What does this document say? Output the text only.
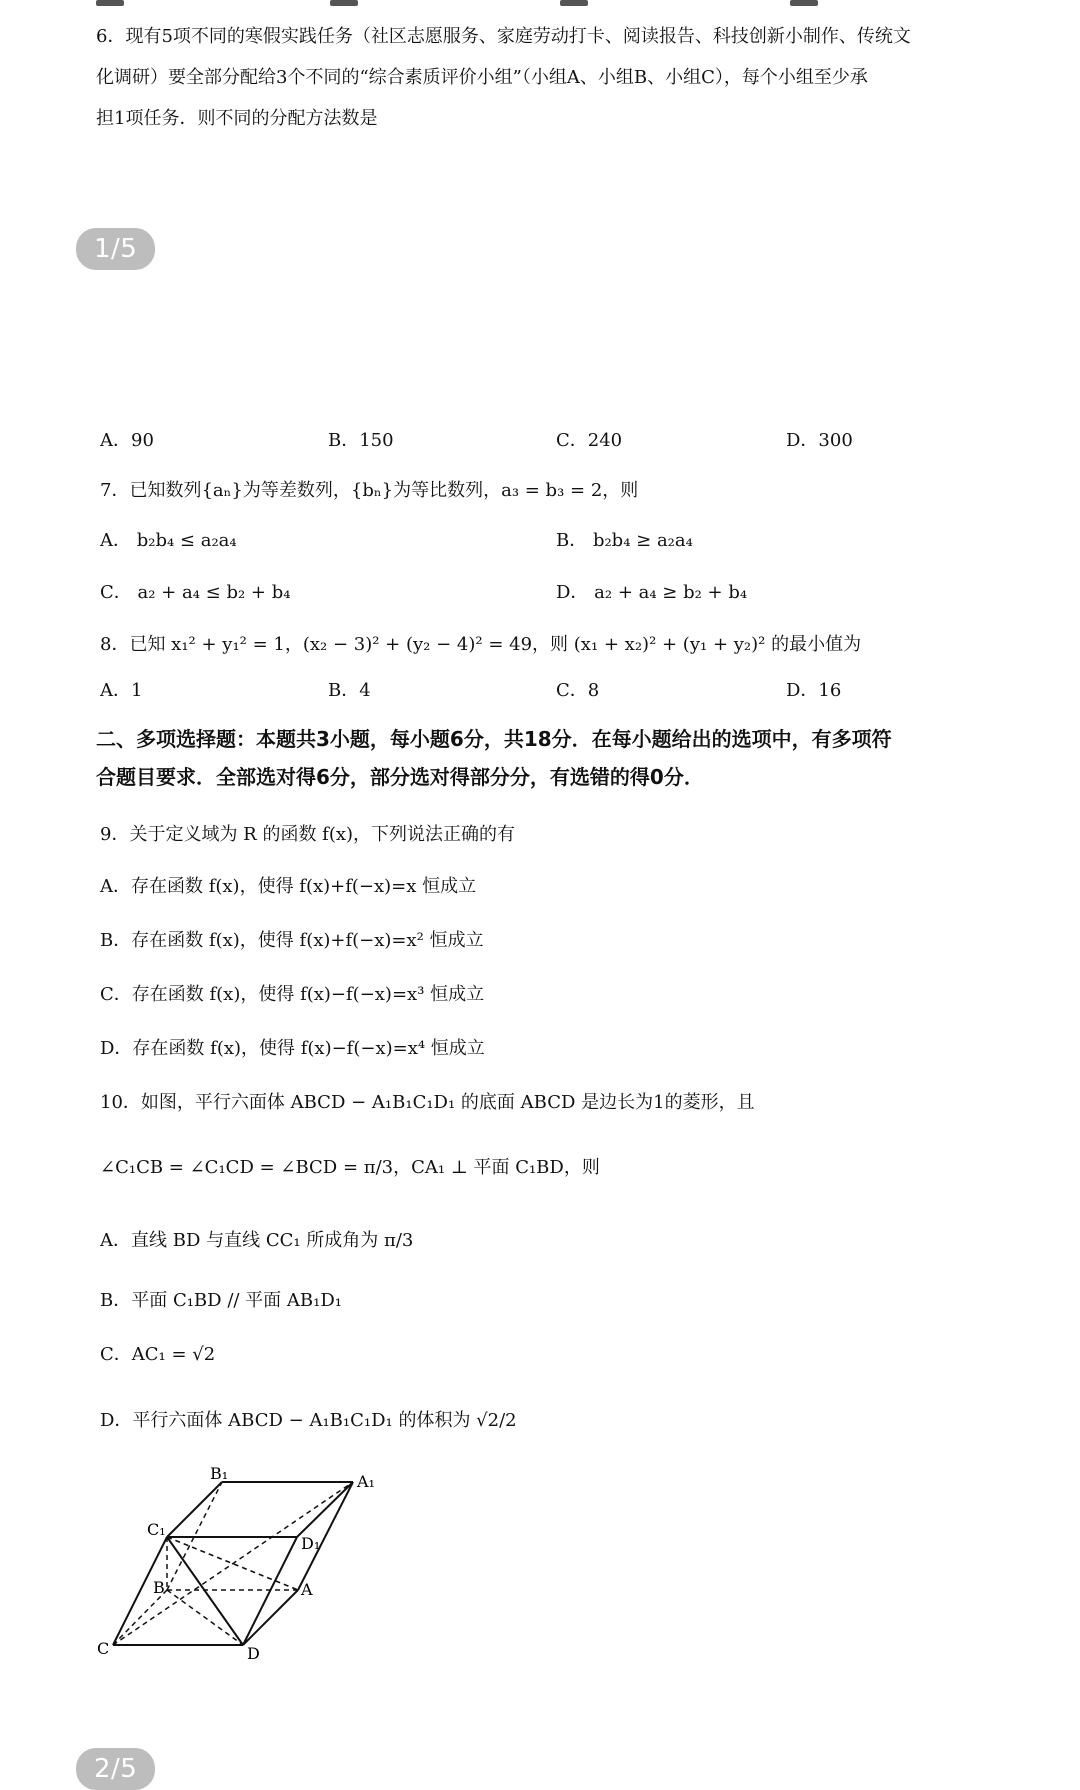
6．现有5项不同的寒假实践任务（社区志愿服务、家庭劳动打卡、阅读报告、科技创新小制作、传统文
化调研）要全部分配给3个不同的“综合素质评价小组”（小组A、小组B、小组C），每个小组至少承
担1项任务．则不同的分配方法数是
1/5
A．90	B．150	C．240	D．300
7．已知数列{aₙ}为等差数列，{bₙ}为等比数列，a₃ = b₃ = 2，则
A． b₂b₄ ≤ a₂a₄	B． b₂b₄ ≥ a₂a₄
C． a₂ + a₄ ≤ b₂ + b₄	D． a₂ + a₄ ≥ b₂ + b₄
8．已知 x₁² + y₁² = 1，(x₂ − 3)² + (y₂ − 4)² = 49，则 (x₁ + x₂)² + (y₁ + y₂)² 的最小值为
A．1	B．4	C．8	D．16
二、多项选择题：本题共3小题，每小题6分，共18分．在每小题给出的选项中，有多项符
合题目要求．全部选对得6分，部分选对得部分分，有选错的得0分．
9．关于定义域为 R 的函数 f(x)，下列说法正确的有
A．存在函数 f(x)，使得 f(x)+f(−x)=x 恒成立
B．存在函数 f(x)，使得 f(x)+f(−x)=x² 恒成立
C．存在函数 f(x)，使得 f(x)−f(−x)=x³ 恒成立
D．存在函数 f(x)，使得 f(x)−f(−x)=x⁴ 恒成立
10．如图，平行六面体 ABCD − A₁B₁C₁D₁ 的底面 ABCD 是边长为1的菱形，且
∠C₁CB = ∠C₁CD = ∠BCD = π/3，CA₁ ⊥ 平面 C₁BD，则
A．直线 BD 与直线 CC₁ 所成角为 π/3
B．平面 C₁BD // 平面 AB₁D₁
C．AC₁ = √2
D．平行六面体 ABCD − A₁B₁C₁D₁ 的体积为 √2/2
B₁	A₁
C₁
D₁
B	A
C	D
2/5
